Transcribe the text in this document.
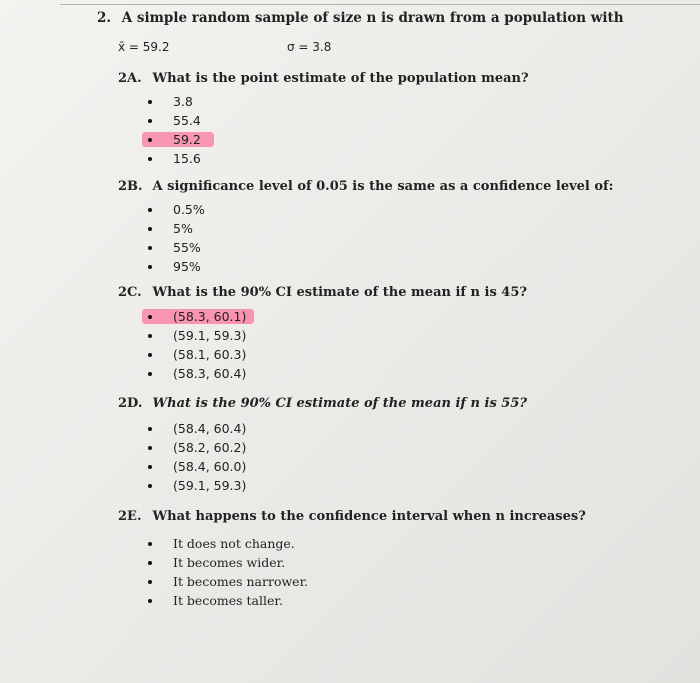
2. A simple random sample of size n is drawn from a population with
x̄ = 59.2	σ = 3.8
2A. What is the point estimate of the population mean?
3.8
55.4
59.2
15.6
2B. A significance level of 0.05 is the same as a confidence level of:
0.5%
5%
55%
95%
2C. What is the 90% CI estimate of the mean if n is 45?
(58.3, 60.1)
(59.1, 59.3)
(58.1, 60.3)
(58.3, 60.4)
2D. What is the 90% CI estimate of the mean if n is 55?
(58.4, 60.4)
(58.2, 60.2)
(58.4, 60.0)
(59.1, 59.3)
2E. What happens to the confidence interval when n increases?
It does not change.
It becomes wider.
It becomes narrower.
It becomes taller.
